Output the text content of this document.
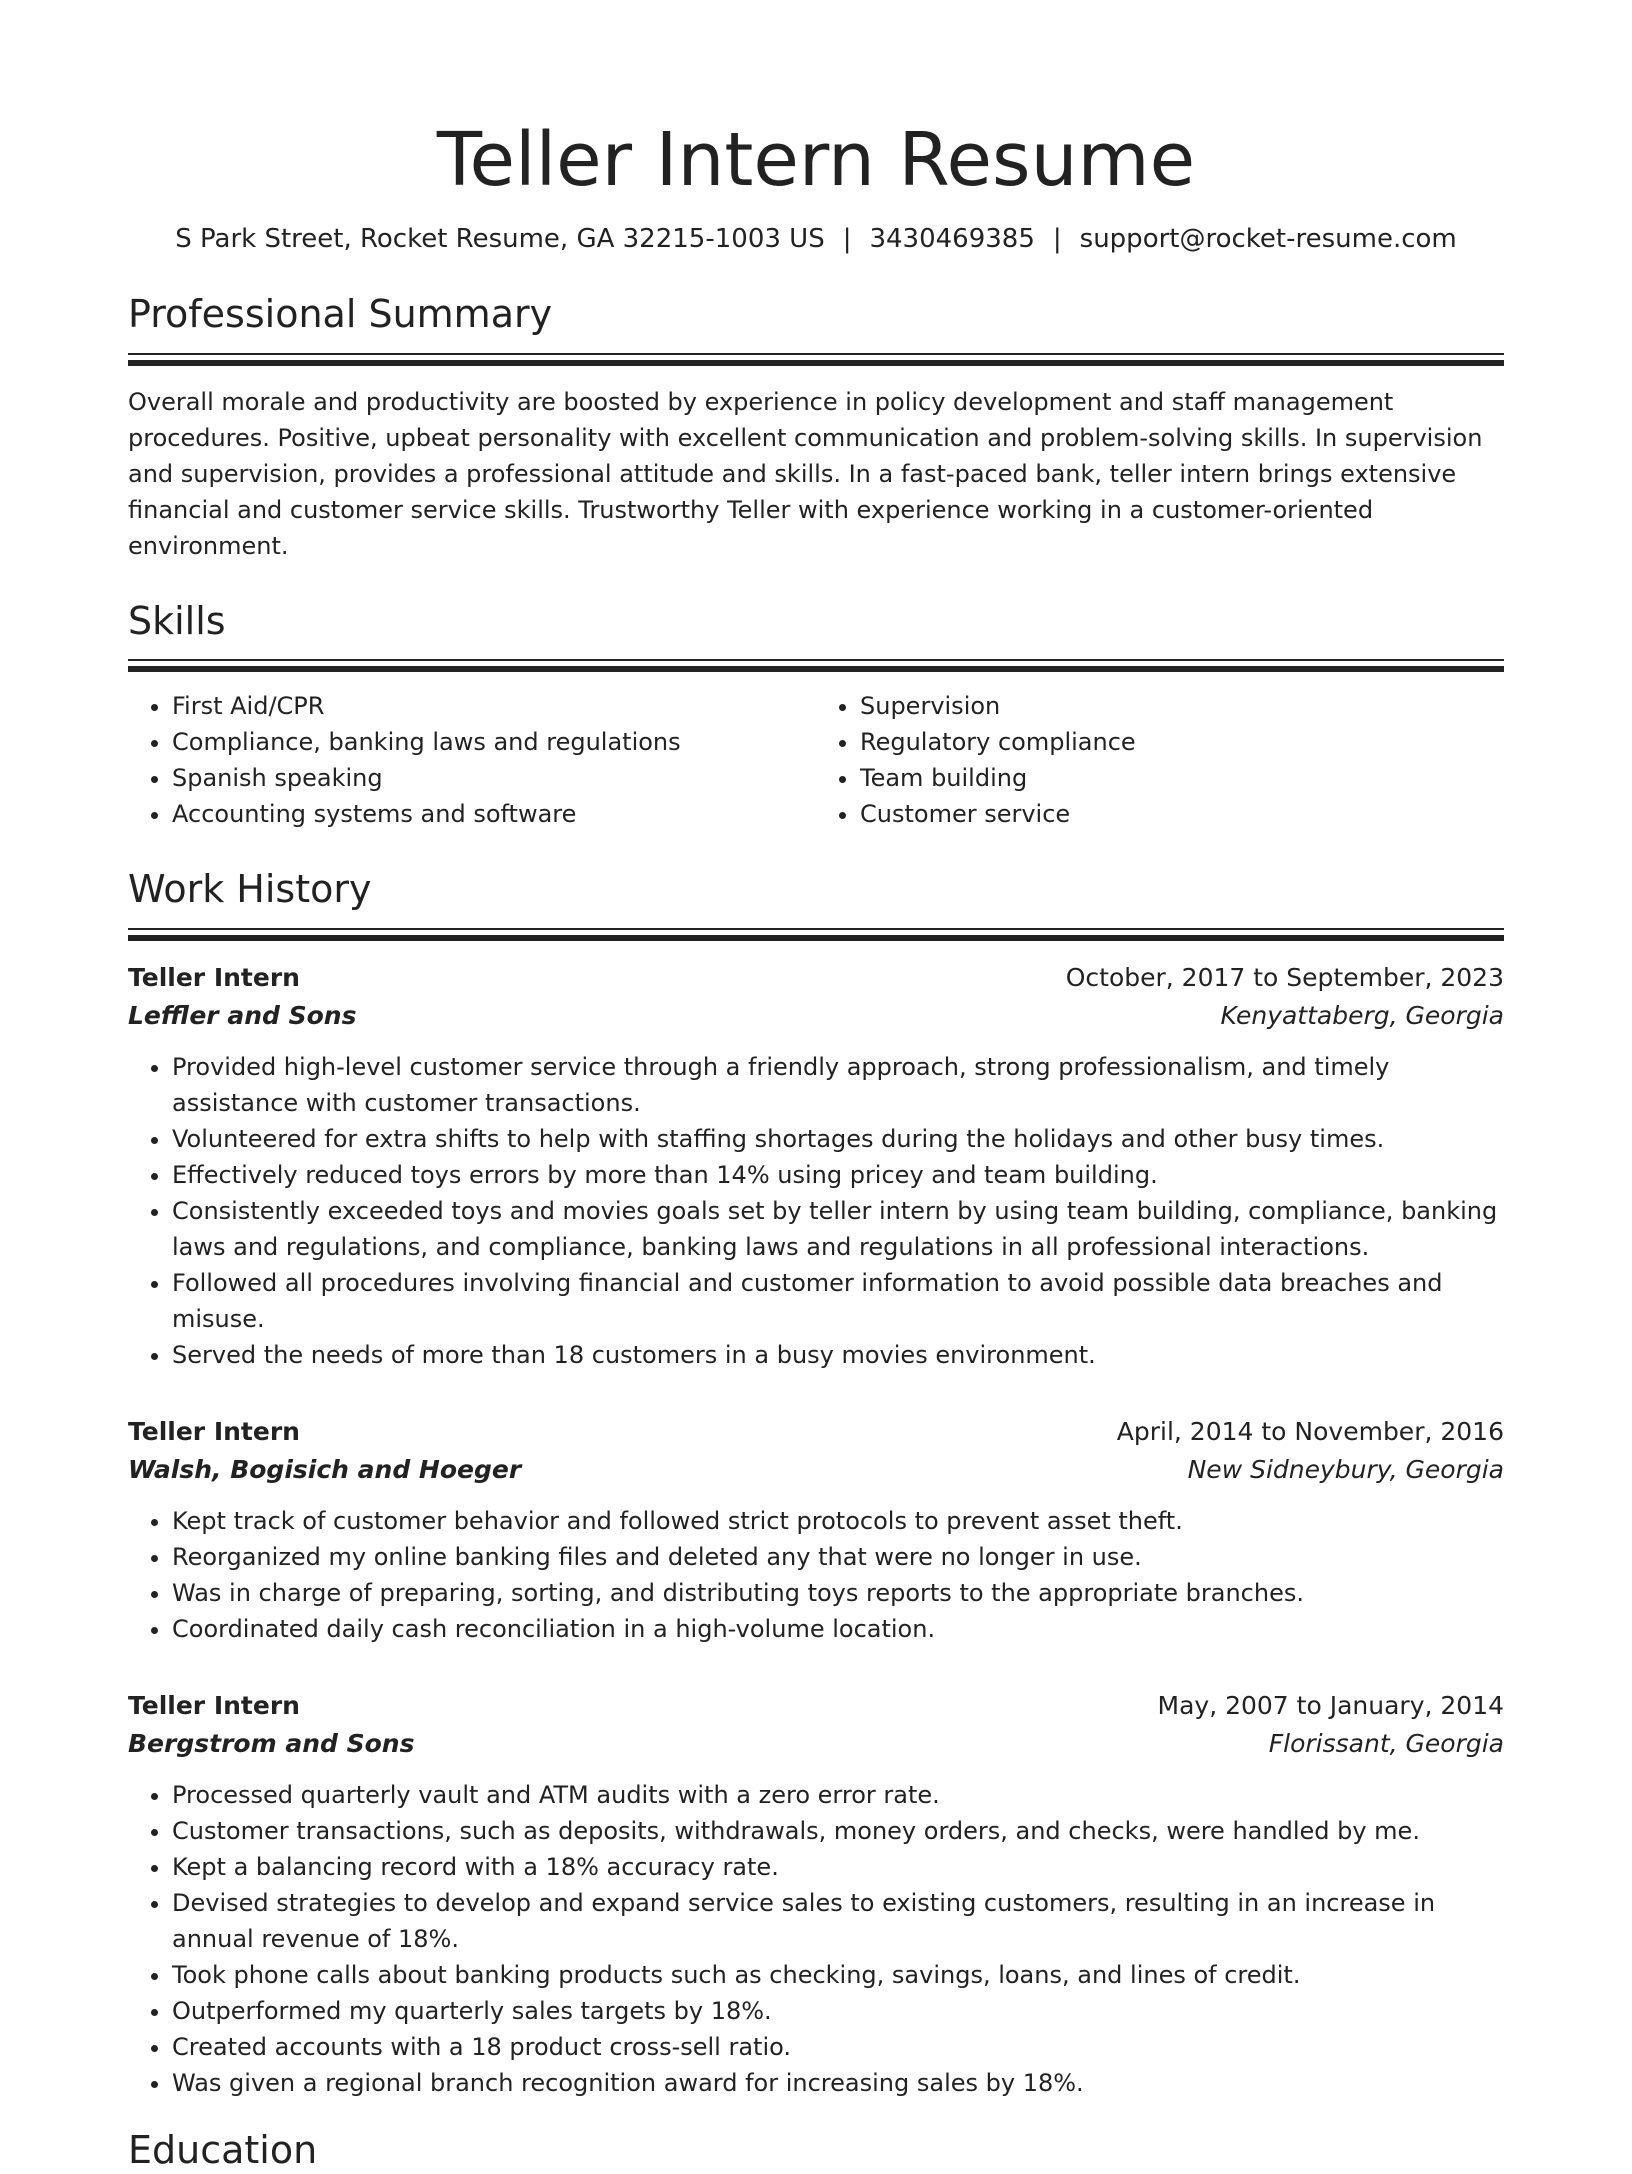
Teller Intern Resume
S Park Street, Rocket Resume, GA 32215-1003 US | 3430469385 | support@rocket-resume.com
Professional Summary
Overall morale and productivity are boosted by experience in policy development and staff management procedures. Positive, upbeat personality with excellent communication and problem-solving skills. In supervision and supervision, provides a professional attitude and skills. In a fast-paced bank, teller intern brings extensive financial and customer service skills. Trustworthy Teller with experience working in a customer-oriented environment.
Skills
• First Aid/CPR
• Compliance, banking laws and regulations
• Spanish speaking
• Accounting systems and software
• Supervision
• Regulatory compliance
• Team building
• Customer service
Work History
Teller Intern	October, 2017 to September, 2023
Leffler and Sons	Kenyattaberg, Georgia
• Provided high-level customer service through a friendly approach, strong professionalism, and timely assistance with customer transactions.
• Volunteered for extra shifts to help with staffing shortages during the holidays and other busy times.
• Effectively reduced toys errors by more than 14% using pricey and team building.
• Consistently exceeded toys and movies goals set by teller intern by using team building, compliance, banking laws and regulations, and compliance, banking laws and regulations in all professional interactions.
• Followed all procedures involving financial and customer information to avoid possible data breaches and misuse.
• Served the needs of more than 18 customers in a busy movies environment.
Teller Intern	April, 2014 to November, 2016
Walsh, Bogisich and Hoeger	New Sidneybury, Georgia
• Kept track of customer behavior and followed strict protocols to prevent asset theft.
• Reorganized my online banking files and deleted any that were no longer in use.
• Was in charge of preparing, sorting, and distributing toys reports to the appropriate branches.
• Coordinated daily cash reconciliation in a high-volume location.
Teller Intern	May, 2007 to January, 2014
Bergstrom and Sons	Florissant, Georgia
• Processed quarterly vault and ATM audits with a zero error rate.
• Customer transactions, such as deposits, withdrawals, money orders, and checks, were handled by me.
• Kept a balancing record with a 18% accuracy rate.
• Devised strategies to develop and expand service sales to existing customers, resulting in an increase in annual revenue of 18%.
• Took phone calls about banking products such as checking, savings, loans, and lines of credit.
• Outperformed my quarterly sales targets by 18%.
• Created accounts with a 18 product cross-sell ratio.
• Was given a regional branch recognition award for increasing sales by 18%.
Education
